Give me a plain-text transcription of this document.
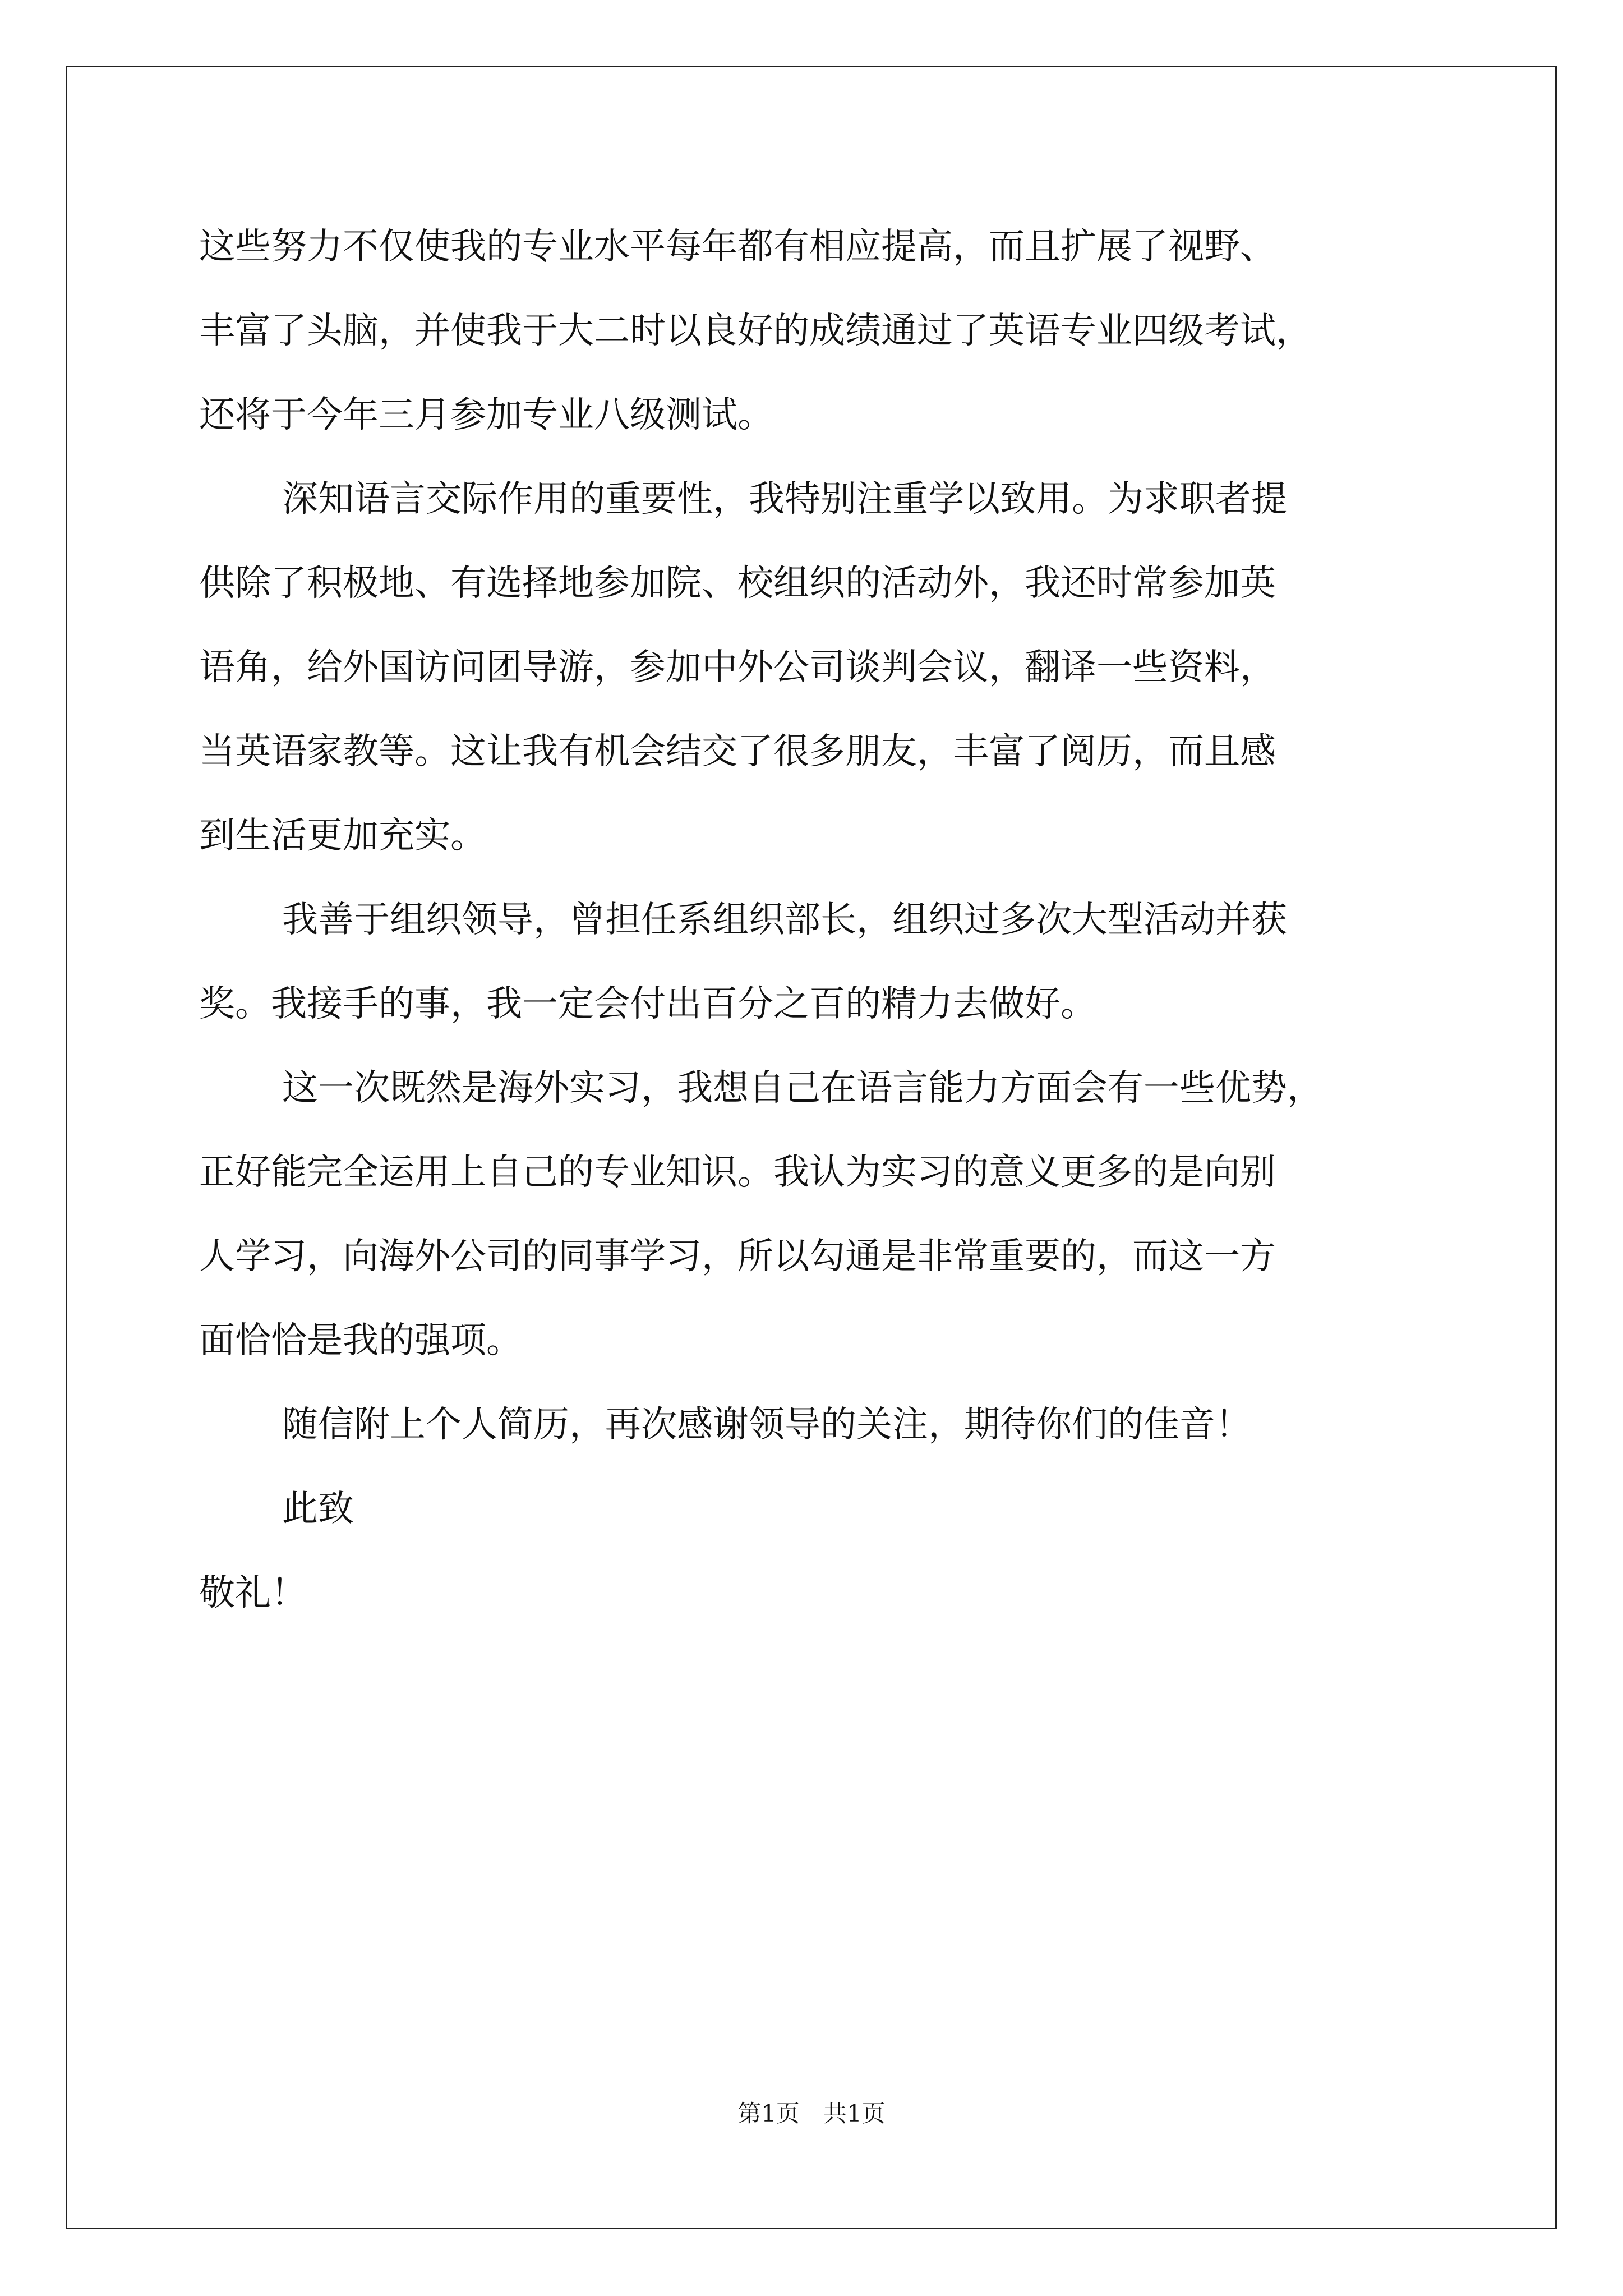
这些努力不仅使我的专业水平每年都有相应提高，而且扩展了视野、
丰富了头脑，并使我于大二时以良好的成绩通过了英语专业四级考试，
还将于今年三月参加专业八级测试。
深知语言交际作用的重要性，我特别注重学以致用。为求职者提
供除了积极地、有选择地参加院、校组织的活动外，我还时常参加英
语角，给外国访问团导游，参加中外公司谈判会议，翻译一些资料，
当英语家教等。这让我有机会结交了很多朋友，丰富了阅历，而且感
到生活更加充实。
我善于组织领导，曾担任系组织部长，组织过多次大型活动并获
奖。我接手的事，我一定会付出百分之百的精力去做好。
这一次既然是海外实习，我想自己在语言能力方面会有一些优势，
正好能完全运用上自己的专业知识。我认为实习的意义更多的是向别
人学习，向海外公司的同事学习，所以勾通是非常重要的，而这一方
面恰恰是我的强项。
随信附上个人简历，再次感谢领导的关注，期待你们的佳音！
此致
敬礼！
第1页　共1页
